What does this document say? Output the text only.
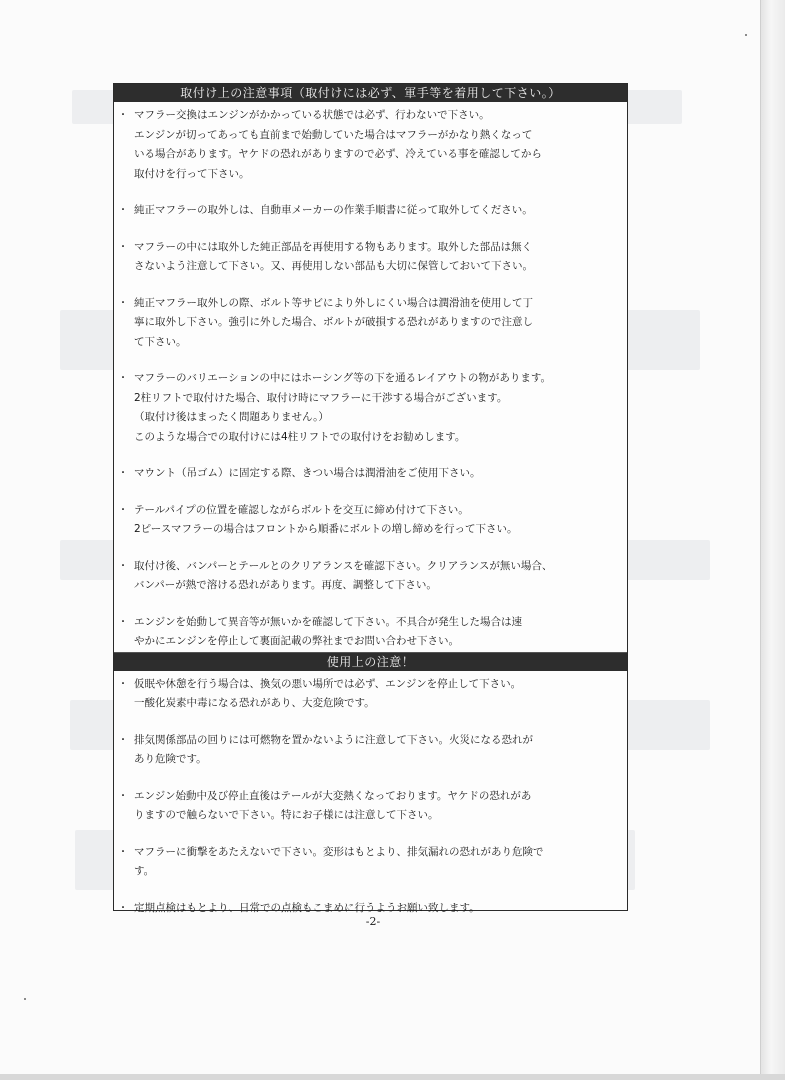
取付け上の注意事項（取付けには必ず、軍手等を着用して下さい。）
・ マフラー交換はエンジンがかかっている状態では必ず、行わないで下さい。
エンジンが切ってあっても直前まで始動していた場合はマフラーがかなり熱くなって
いる場合があります。ヤケドの恐れがありますので必ず、冷えている事を確認してから
取付けを行って下さい。
・ 純正マフラーの取外しは、自動車メーカーの作業手順書に従って取外してください。
・ マフラーの中には取外した純正部品を再使用する物もあります。取外した部品は無く
さないよう注意して下さい。又、再使用しない部品も大切に保管しておいて下さい。
・ 純正マフラー取外しの際、ボルト等サビにより外しにくい場合は潤滑油を使用して丁
寧に取外し下さい。強引に外した場合、ボルトが破損する恐れがありますので注意し
て下さい。
・ マフラーのバリエーションの中にはホーシング等の下を通るレイアウトの物があります。
2柱リフトで取付けた場合、取付け時にマフラーに干渉する場合がございます。
（取付け後はまったく問題ありません。）
このような場合での取付けには4柱リフトでの取付けをお勧めします。
・ マウント（吊ゴム）に固定する際、きつい場合は潤滑油をご使用下さい。
・ テールパイプの位置を確認しながらボルトを交互に締め付けて下さい。
2ピースマフラーの場合はフロントから順番にボルトの増し締めを行って下さい。
・ 取付け後、バンパーとテールとのクリアランスを確認下さい。クリアランスが無い場合、
バンパーが熱で溶ける恐れがあります。再度、調整して下さい。
・ エンジンを始動して異音等が無いかを確認して下さい。不具合が発生した場合は速
やかにエンジンを停止して裏面記載の弊社までお問い合わせ下さい。
使用上の注意！
・ 仮眠や休憩を行う場合は、換気の悪い場所では必ず、エンジンを停止して下さい。
一酸化炭素中毒になる恐れがあり、大変危険です。
・ 排気関係部品の回りには可燃物を置かないように注意して下さい。火災になる恐れが
あり危険です。
・ エンジン始動中及び停止直後はテールが大変熱くなっております。ヤケドの恐れがあ
りますので触らないで下さい。特にお子様には注意して下さい。
・ マフラーに衝撃をあたえないで下さい。変形はもとより、排気漏れの恐れがあり危険で
す。
・ 定期点検はもとより、日常での点検もこまめに行うようお願い致します。
-2-
